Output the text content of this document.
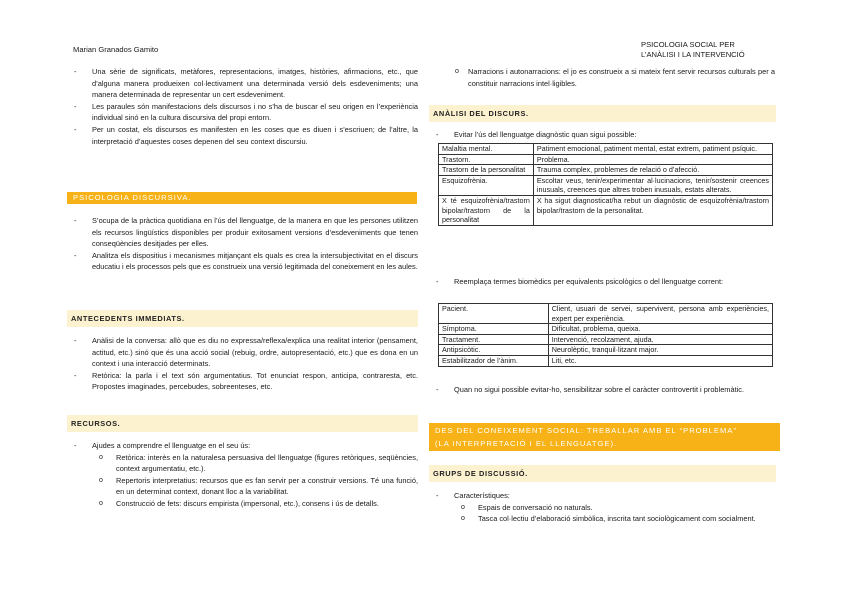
Marian Granados Gamito
PSICOLOGIA SOCIAL PER
L’ANÀLISI I LA INTERVENCIÓ

- Una sèrie de significats, metàfores, representacions, imatges, històries, afirmacions, etc., que d’alguna manera produeixen col·lectivament una determinada versió dels esdeveniments; una manera determinada de representar un cert esdeveniment.

- Les paraules són manifestacions dels discursos i no s’ha de buscar el seu origen en l’experiència individual sinó en la cultura discursiva del propi entorn.

- Per un costat, els discursos es manifesten en les coses que es diuen i s’escriuen; de l’altre, la interpretació d’aquestes coses depenen del seu context discursiu.

PSICOLOGIA DISCURSIVA.

- S’ocupa de la pràctica quotidiana en l’ús del llenguatge, de la manera en que les persones utilitzen els recursos lingüístics disponibles per produir exitosament versions d’esdeveniments que tenen conseqüències desitjades per elles.

- Analitza els dispositius i mecanismes mitjançant els quals es crea la intersubjectivitat en el discurs educatiu i els processos pels que es construeix una versió legitimada del coneixement en les aules.

ANTECEDENTS IMMEDIATS.

- Anàlisi de la conversa: allò que es diu no expressa/reflexa/explica una realitat interior (pensament, actitud, etc.) sinó que és una acció social (rebuig, ordre, autopresentació, etc.) que es dona en un context i una interacció determinats.

- Retòrica: la parla i el text són argumentatius. Tot enunciat respon, anticipa, contraresta, etc. Propostes imaginades, percebudes, sobreenteses, etc.

RECURSOS.

- Ajudes a comprendre el llenguatge en el seu ús:

o Retòrica: interès en la naturalesa persuasiva del llenguatge (figures retòriques, seqüències, context argumentatiu, etc.).

o Repertoris interpretatius: recursos que es fan servir per a construir versions. Té una funció, en un determinat context, donant lloc a la variabilitat.

o Construcció de fets: discurs empirista (impersonal, etc.), consens i ús de detalls.

o Narracions i autonarracions: el jo es construeix a si mateix fent servir recursos culturals per a constituir narracions intel·ligibles.

ANÀLISI DEL DISCURS.

- Evitar l’ús del llenguatge diagnòstic quan sigui possible:

Malaltia mental.	Patiment emocional, patiment mental, estat extrem, patiment psíquic.
Trastorn.	Problema.
Trastorn de la personalitat	Trauma complex, problemes de relació o d’afecció.
Esquizofrènia.	Escoltar veus, tenir/experimentar al·lucinacions, tenir/sostenir creences inusuals, creences que altres troben inusuals, estats alterats.
X té esquizofrènia/trastorn bipolar/trastorn de la personalitat	X ha sigut diagnosticat/ha rebut un diagnòstic de esquizofrènia/trastorn bipolar/trastorn de la personalitat.

- Reemplaça termes biomèdics per equivalents psicològics o del llenguatge corrent:

Pacient.	Client, usuari de servei, supervivent, persona amb experiències, expert per experiència.
Símptoma.	Dificultat, problema, queixa.
Tractament.	Intervenció, recolzament, ajuda.
Antipsicòtic.	Neurolèptic, tranquil·litzant major.
Estabilitzador de l’ànim.	Liti, etc.

- Quan no sigui possible evitar-ho, sensibilitzar sobre el caràcter controvertit i problemàtic.

DES DEL CONEIXEMENT SOCIAL: TREBALLAR AMB EL “PROBLEMA”
(LA INTERPRETACIÓ I EL LLENGUATGE).
GRUPS DE DISCUSSIÓ.

- Característiques:

o Espais de conversació no naturals.

o Tasca col·lectiu d’elaboració simbòlica, inscrita tant sociològicament com socialment.
